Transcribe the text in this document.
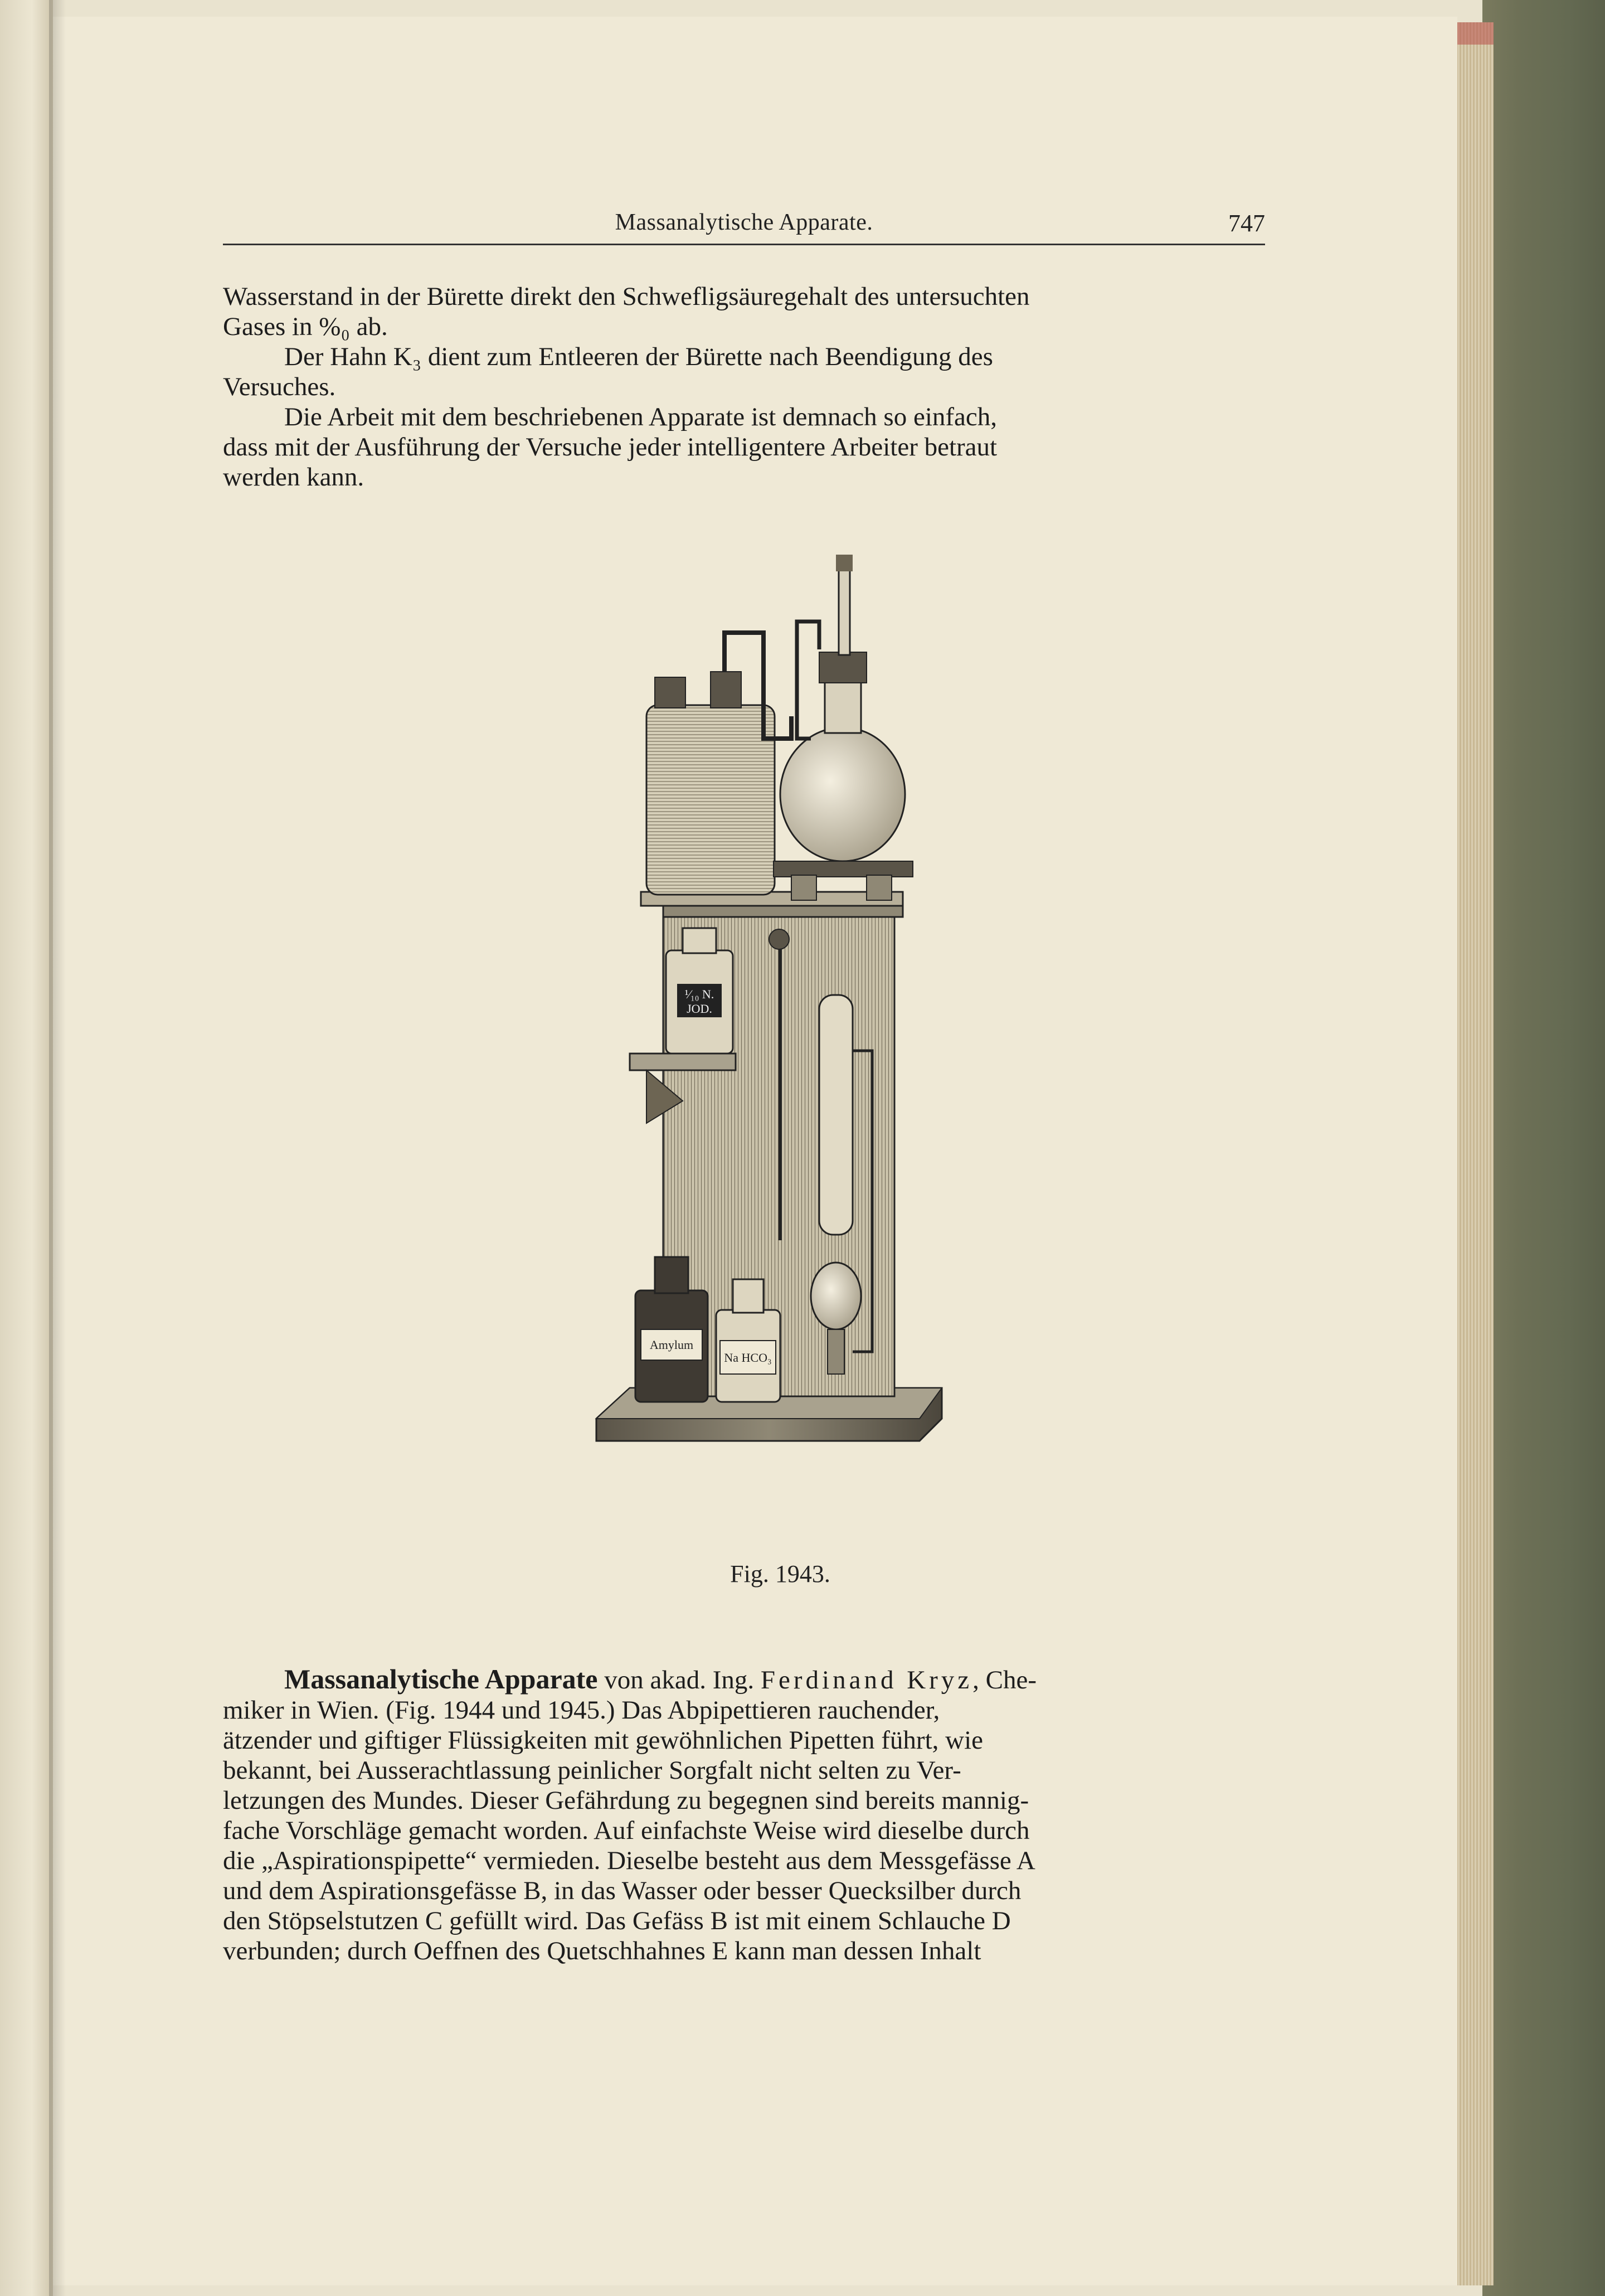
Massanalytische Apparate.	747
Wasserstand in der Bürette direkt den Schwefligsäuregehalt des untersuchten
Gases in %₀ ab.
Der Hahn K₃ dient zum Entleeren der Bürette nach Beendigung des
Versuches.
Die Arbeit mit dem beschriebenen Apparate ist demnach so einfach,
dass mit der Ausführung der Versuche jeder intelligentere Arbeiter betraut
werden kann.
¹⁄₁₀ N.
JOD.
Amylum
Na HCO₃
Fig. 1943.
Massanalytische Apparate von akad. Ing. Ferdinand Kryz, Che-
miker in Wien. (Fig. 1944 und 1945.) Das Abpipettieren rauchender,
ätzender und giftiger Flüssigkeiten mit gewöhnlichen Pipetten führt, wie
bekannt, bei Ausserachtlassung peinlicher Sorgfalt nicht selten zu Ver-
letzungen des Mundes. Dieser Gefährdung zu begegnen sind bereits mannig-
fache Vorschläge gemacht worden. Auf einfachste Weise wird dieselbe durch
die „Aspirationspipette“ vermieden. Dieselbe besteht aus dem Messgefässe A
und dem Aspirationsgefässe B, in das Wasser oder besser Quecksilber durch
den Stöpselstutzen C gefüllt wird. Das Gefäss B ist mit einem Schlauche D
verbunden; durch Oeffnen des Quetschhahnes E kann man dessen Inhalt
